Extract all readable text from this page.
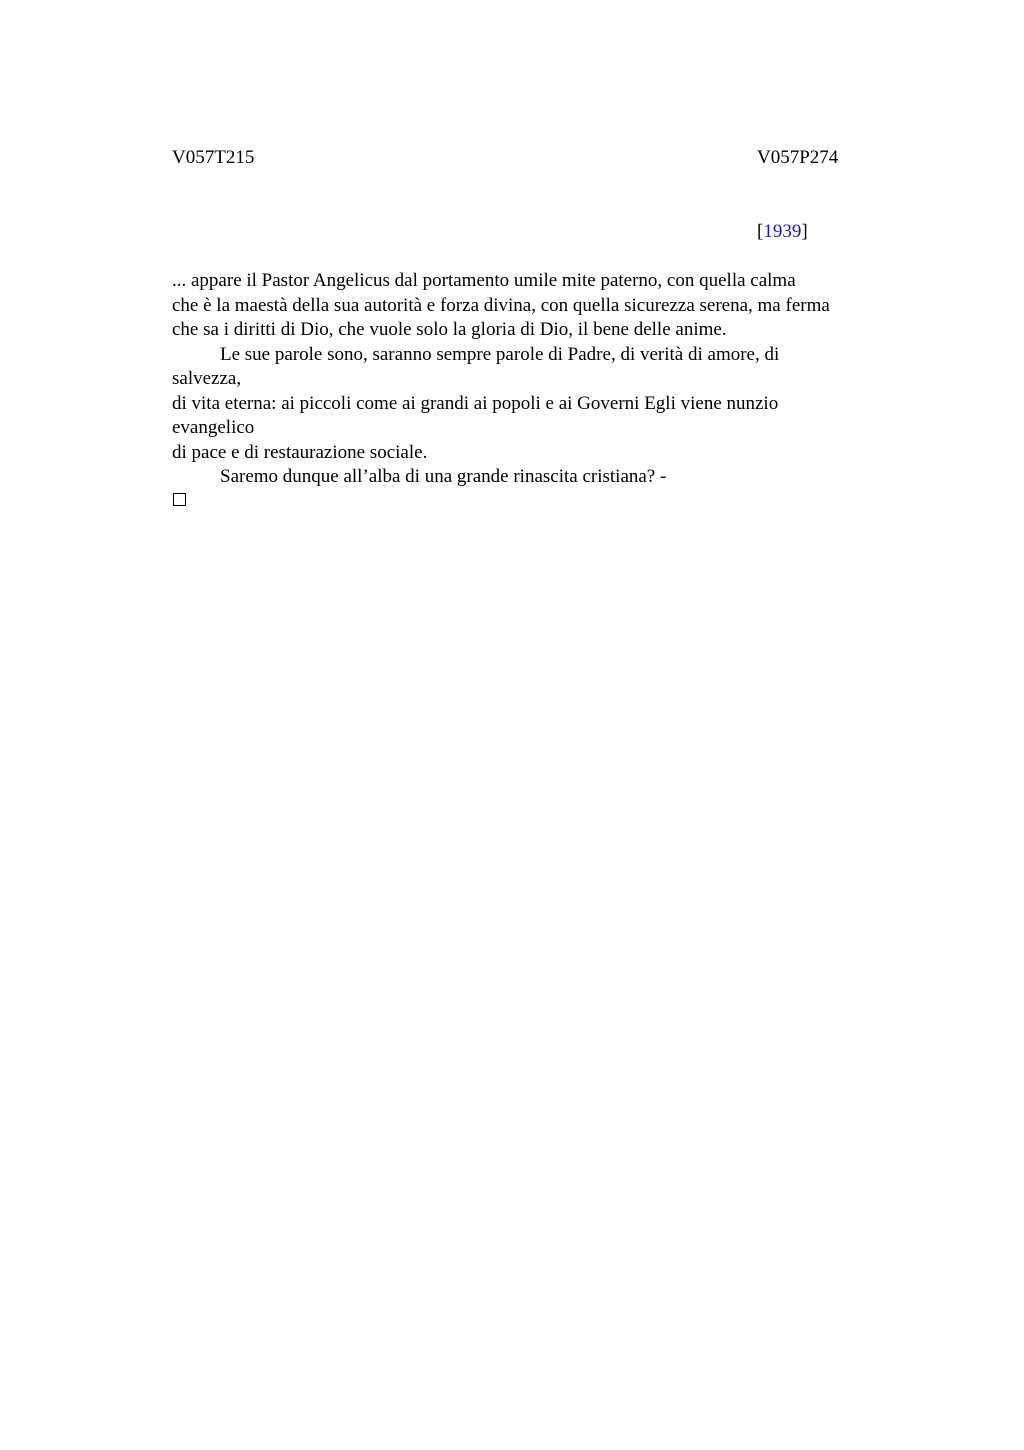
V057T215	V057P274
[1939]
... appare il Pastor Angelicus dal portamento umile mite paterno, con quella calma
che è la maestà della sua autorità e forza divina, con quella sicurezza serena, ma ferma
che sa i diritti di Dio, che vuole solo la gloria di Dio, il bene delle anime.
Le sue parole sono, saranno sempre parole di Padre, di verità di amore, di
salvezza,
di vita eterna: ai piccoli come ai grandi ai popoli e ai Governi Egli viene nunzio
evangelico
di pace e di restaurazione sociale.
Saremo dunque all’alba di una grande rinascita cristiana? -
